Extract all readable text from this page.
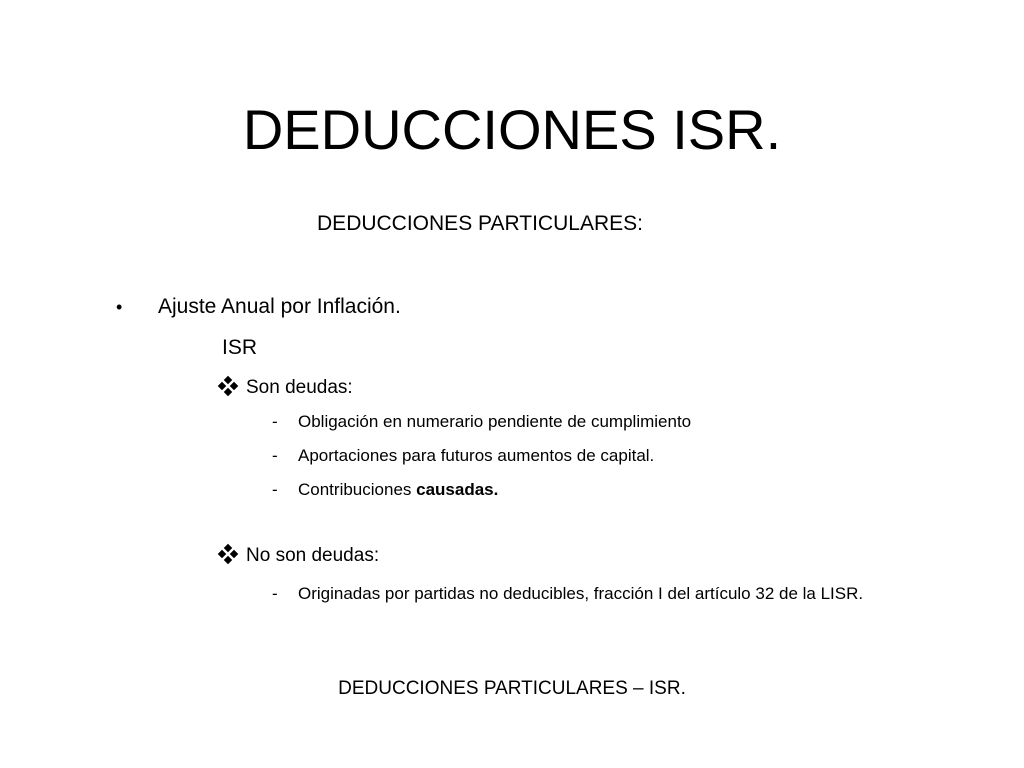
DEDUCCIONES ISR.
DEDUCCIONES PARTICULARES:
• Ajuste Anual por Inflación.
ISR
Son deudas:
- Obligación en numerario pendiente de cumplimiento
- Aportaciones para futuros aumentos de capital.
- Contribuciones causadas.
No son deudas:
- Originadas por partidas no deducibles, fracción I del artículo 32 de la LISR.
DEDUCCIONES PARTICULARES – ISR.
